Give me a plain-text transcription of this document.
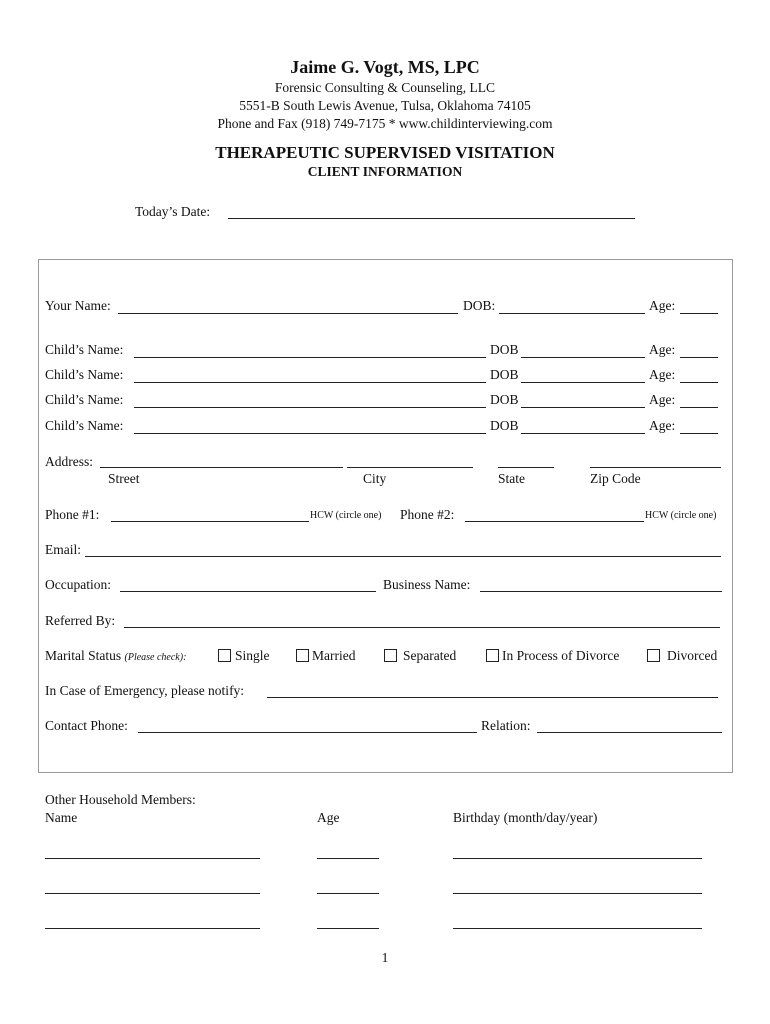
Jaime G. Vogt, MS, LPC
Forensic Consulting & Counseling, LLC
5551-B South Lewis Avenue, Tulsa, Oklahoma 74105
Phone and Fax (918) 749-7175 * www.childinterviewing.com
THERAPEUTIC SUPERVISED VISITATION
CLIENT INFORMATION
Today’s Date:
Your Name:	DOB:	Age:
Child’s Name:	DOB	Age:
Child’s Name:	DOB	Age:
Child’s Name:	DOB	Age:
Child’s Name:	DOB	Age:
Address:
Street	City	State	Zip Code
Phone #1:	HCW (circle one) Phone #2:	HCW (circle one)
Email:
Occupation:	Business Name:
Referred By:
Marital Status (Please check):	Single	Married	Separated	In Process of Divorce	Divorced
In Case of Emergency, please notify:
Contact Phone:	Relation:
Other Household Members:
Name	Age	Birthday (month/day/year)
1
